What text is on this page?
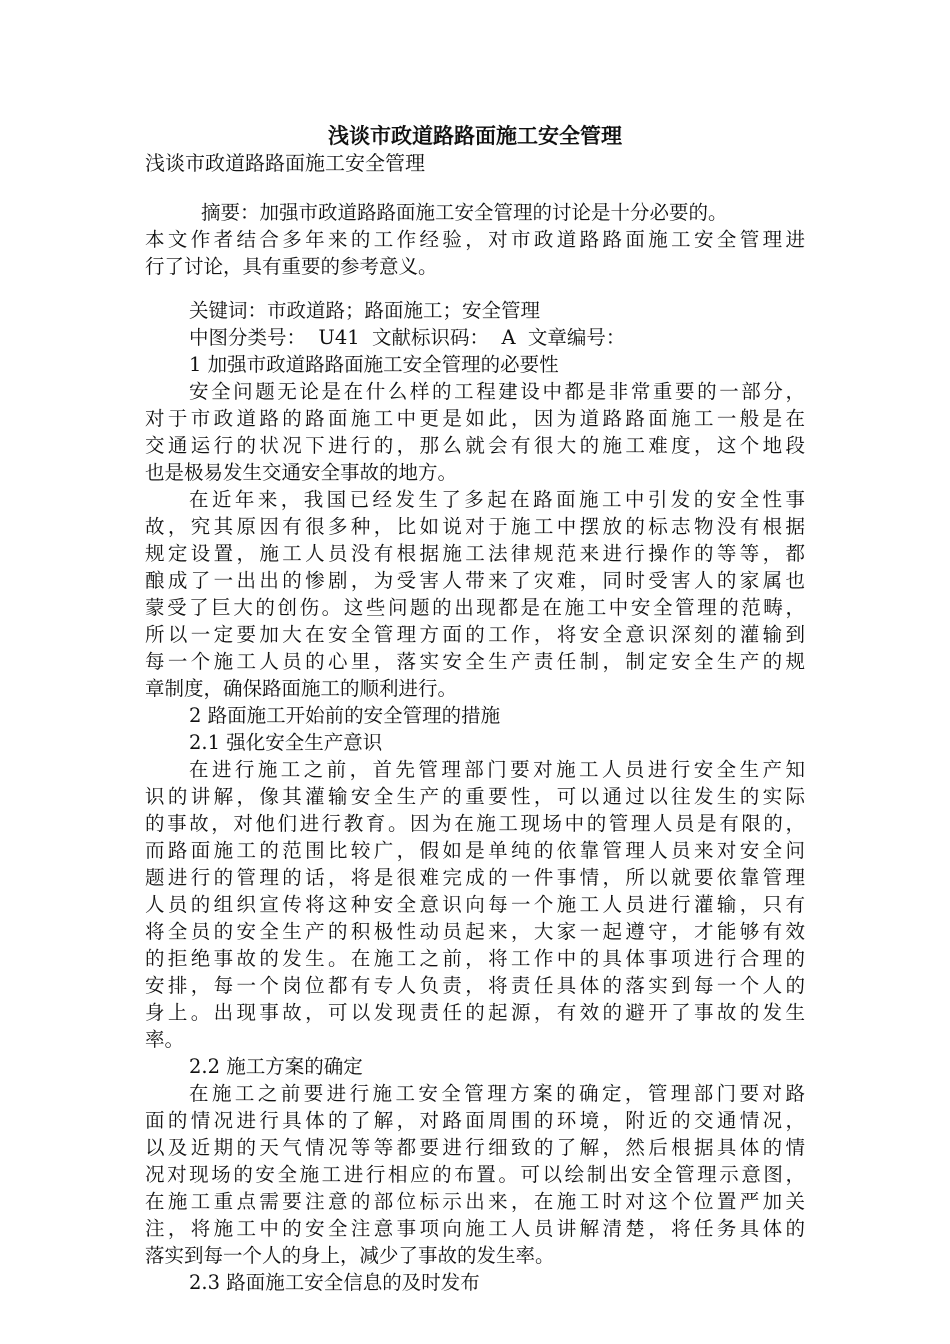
浅谈市政道路路面施工安全管理
浅谈市政道路路面施工安全管理
摘要：加强市政道路路面施工安全管理的讨论是十分必要的。
本文作者结合多年来的工作经验，对市政道路路面施工安全管理进
行了讨论，具有重要的参考意义。
关键词：市政道路；路面施工；安全管理
中图分类号：  U41  文献标识码：  A  文章编号：
1 加强市政道路路面施工安全管理的必要性
安全问题无论是在什么样的工程建设中都是非常重要的一部分，
对于市政道路的路面施工中更是如此，因为道路路面施工一般是在
交通运行的状况下进行的，那么就会有很大的施工难度，这个地段
也是极易发生交通安全事故的地方。
在近年来，我国已经发生了多起在路面施工中引发的安全性事
故，究其原因有很多种，比如说对于施工中摆放的标志物没有根据
规定设置，施工人员没有根据施工法律规范来进行操作的等等，都
酿成了一出出的惨剧，为受害人带来了灾难，同时受害人的家属也
蒙受了巨大的创伤。这些问题的出现都是在施工中安全管理的范畴，
所以一定要加大在安全管理方面的工作，将安全意识深刻的灌输到
每一个施工人员的心里，落实安全生产责任制，制定安全生产的规
章制度，确保路面施工的顺利进行。
2 路面施工开始前的安全管理的措施
2.1 强化安全生产意识
在进行施工之前，首先管理部门要对施工人员进行安全生产知
识的讲解，像其灌输安全生产的重要性，可以通过以往发生的实际
的事故，对他们进行教育。因为在施工现场中的管理人员是有限的，
而路面施工的范围比较广，假如是单纯的依靠管理人员来对安全问
题进行的管理的话，将是很难完成的一件事情，所以就要依靠管理
人员的组织宣传将这种安全意识向每一个施工人员进行灌输，只有
将全员的安全生产的积极性动员起来，大家一起遵守，才能够有效
的拒绝事故的发生。在施工之前，将工作中的具体事项进行合理的
安排，每一个岗位都有专人负责，将责任具体的落实到每一个人的
身上。出现事故，可以发现责任的起源，有效的避开了事故的发生
率。
2.2 施工方案的确定
在施工之前要进行施工安全管理方案的确定，管理部门要对路
面的情况进行具体的了解，对路面周围的环境，附近的交通情况，
以及近期的天气情况等等都要进行细致的了解，然后根据具体的情
况对现场的安全施工进行相应的布置。可以绘制出安全管理示意图，
在施工重点需要注意的部位标示出来，在施工时对这个位置严加关
注，将施工中的安全注意事项向施工人员讲解清楚，将任务具体的
落实到每一个人的身上，减少了事故的发生率。
2.3 路面施工安全信息的及时发布
